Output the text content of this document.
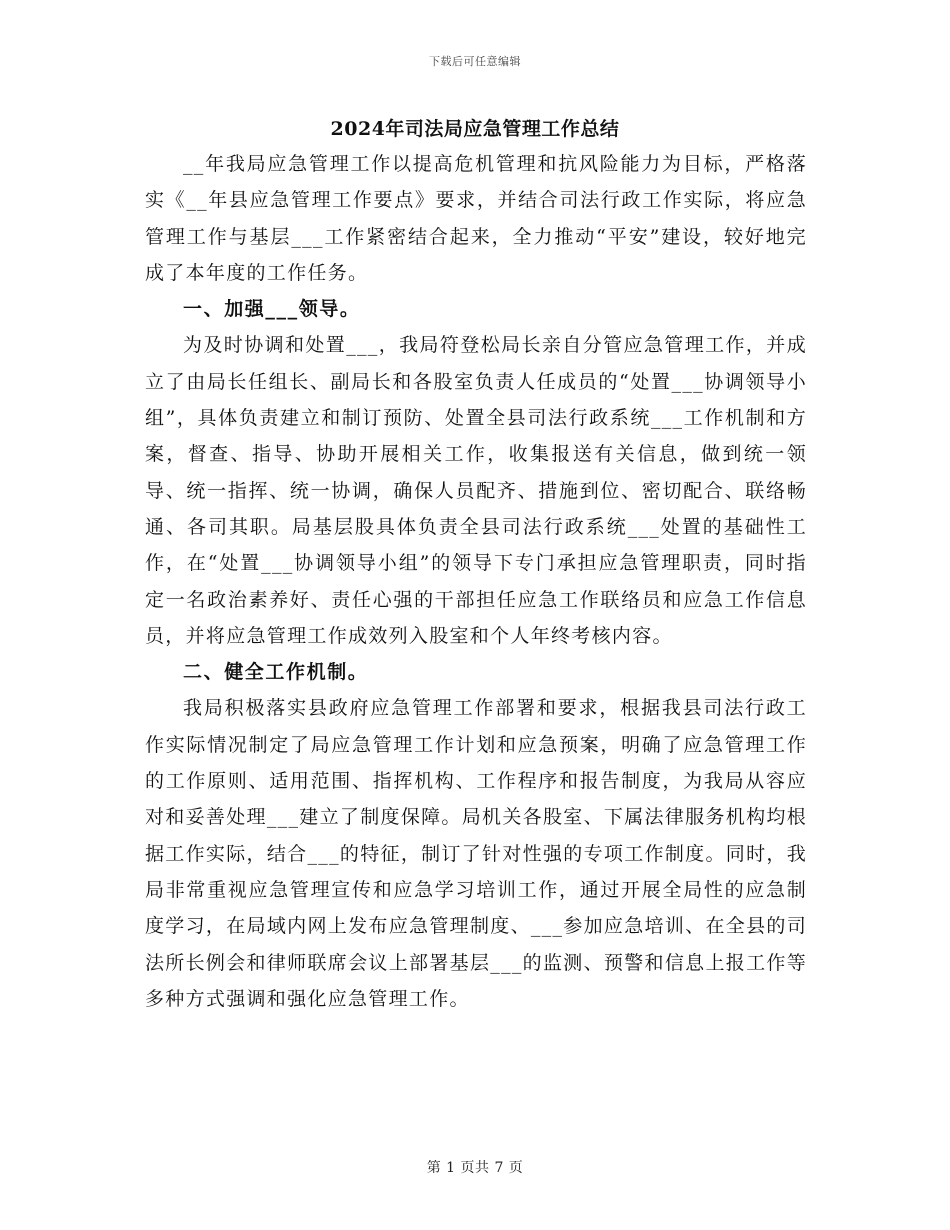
下载后可任意编辑
2024年司法局应急管理工作总结

__年我局应急管理工作以提高危机管理和抗风险能力为目标，严格落实《__年县应急管理工作要点》要求，并结合司法行政工作实际，将应急管理工作与基层___工作紧密结合起来，全力推动“平安”建设，较好地完成了本年度的工作任务。

一、加强___领导。

为及时协调和处置___，我局符登松局长亲自分管应急管理工作，并成立了由局长任组长、副局长和各股室负责人任成员的“处置___协调领导小组”，具体负责建立和制订预防、处置全县司法行政系统___工作机制和方案，督查、指导、协助开展相关工作，收集报送有关信息，做到统一领导、统一指挥、统一协调，确保人员配齐、措施到位、密切配合、联络畅通、各司其职。局基层股具体负责全县司法行政系统___处置的基础性工作，在“处置___协调领导小组”的领导下专门承担应急管理职责，同时指定一名政治素养好、责任心强的干部担任应急工作联络员和应急工作信息员，并将应急管理工作成效列入股室和个人年终考核内容。

二、健全工作机制。

我局积极落实县政府应急管理工作部署和要求，根据我县司法行政工作实际情况制定了局应急管理工作计划和应急预案，明确了应急管理工作的工作原则、适用范围、指挥机构、工作程序和报告制度，为我局从容应对和妥善处理___建立了制度保障。局机关各股室、下属法律服务机构均根据工作实际，结合___的特征，制订了针对性强的专项工作制度。同时，我局非常重视应急管理宣传和应急学习培训工作，通过开展全局性的应急制度学习，在局域内网上发布应急管理制度、___参加应急培训、在全县的司法所长例会和律师联席会议上部署基层___的监测、预警和信息上报工作等多种方式强调和强化应急管理工作。

第 1 页共 7 页
